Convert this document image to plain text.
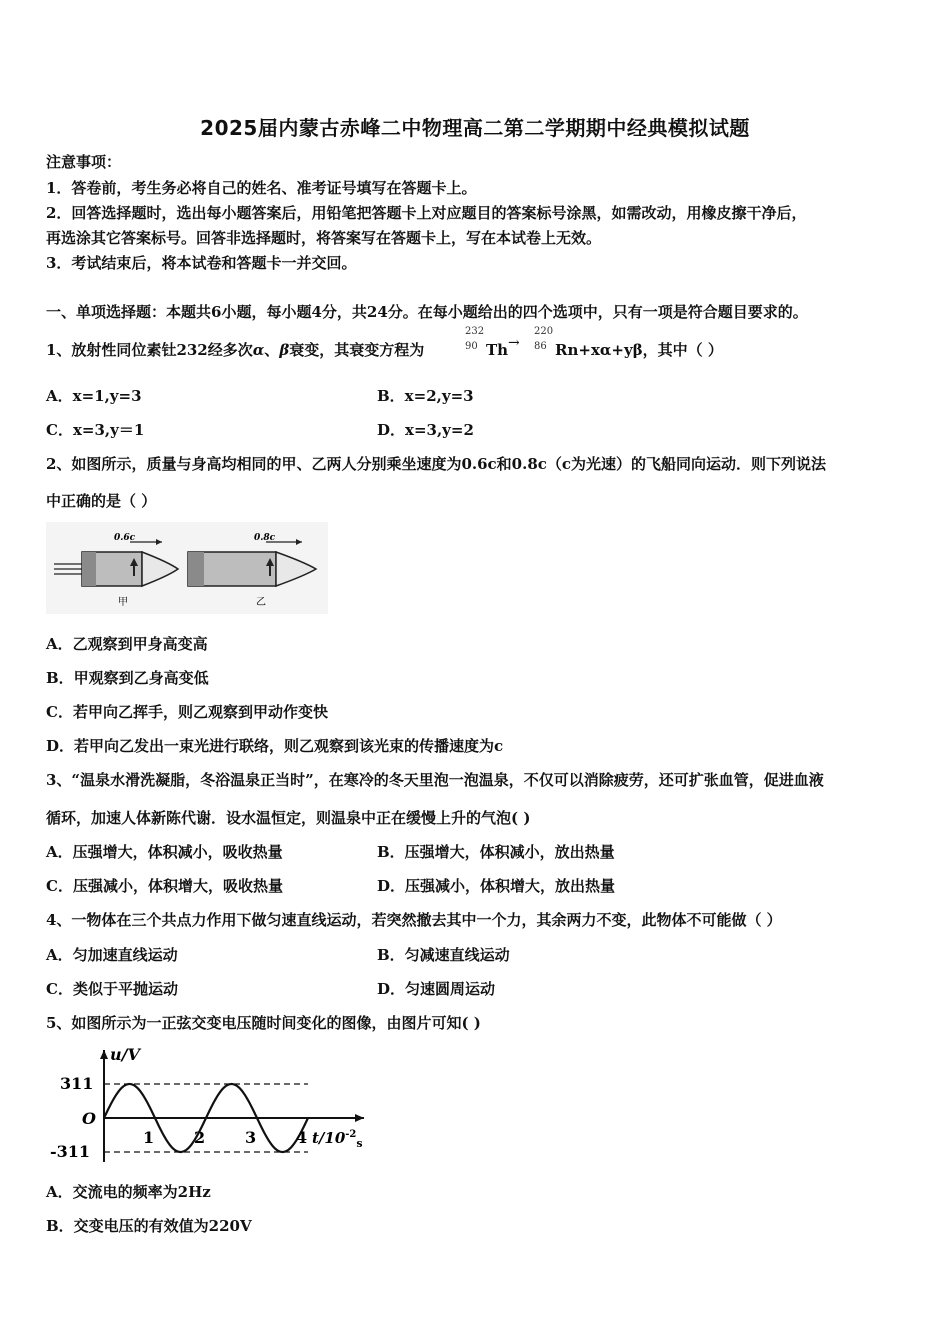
2025届内蒙古赤峰二中物理高二第二学期期中经典模拟试题
注意事项：
1．答卷前，考生务必将自己的姓名、准考证号填写在答题卡上。
2．回答选择题时，选出每小题答案后，用铅笔把答题卡上对应题目的答案标号涂黑，如需改动，用橡皮擦干净后，
再选涂其它答案标号。回答非选择题时，将答案写在答题卡上，写在本试卷上无效。
3．考试结束后，将本试卷和答题卡一并交回。
一、单项选择题：本题共6小题，每小题4分，共24分。在每小题给出的四个选项中，只有一项是符合题目要求的。
1、放射性同位素钍232经多次α、β衰变，其衰变方程为
232
90 Th →
220
86 Rn+xα+yβ，其中（ ）
A．x=1,y=3	B．x=2,y=3
C．x=3,y＝1	D．x=3,y=2
2、如图所示，质量与身高均相同的甲、乙两人分别乘坐速度为0.6c和0.8c（c为光速）的飞船同向运动．则下列说法
中正确的是（ ）
0.6c
甲
0.8c
乙
A．乙观察到甲身高变高
B．甲观察到乙身高变低
C．若甲向乙挥手，则乙观察到甲动作变快
D．若甲向乙发出一束光进行联络，则乙观察到该光束的传播速度为c
3、“温泉水滑洗凝脂，冬浴温泉正当时”，在寒冷的冬天里泡一泡温泉，不仅可以消除疲劳，还可扩张血管，促进血液
循环，加速人体新陈代谢．设水温恒定，则温泉中正在缓慢上升的气泡( )
A．压强增大，体积减小，吸收热量	B．压强增大，体积减小，放出热量
C．压强减小，体积增大，吸收热量	D．压强减小，体积增大，放出热量
4、一物体在三个共点力作用下做匀速直线运动，若突然撤去其中一个力，其余两力不变，此物体不可能做（ ）
A．匀加速直线运动	B．匀减速直线运动
C．类似于平抛运动	D．匀速圆周运动
5、如图所示为一正弦交变电压随时间变化的图像，由图片可知( )
u/V
311
O
-311
1 2 3 4 $t/10^{-2}_s$
A．交流电的频率为2Hz
B．交变电压的有效值为220V
